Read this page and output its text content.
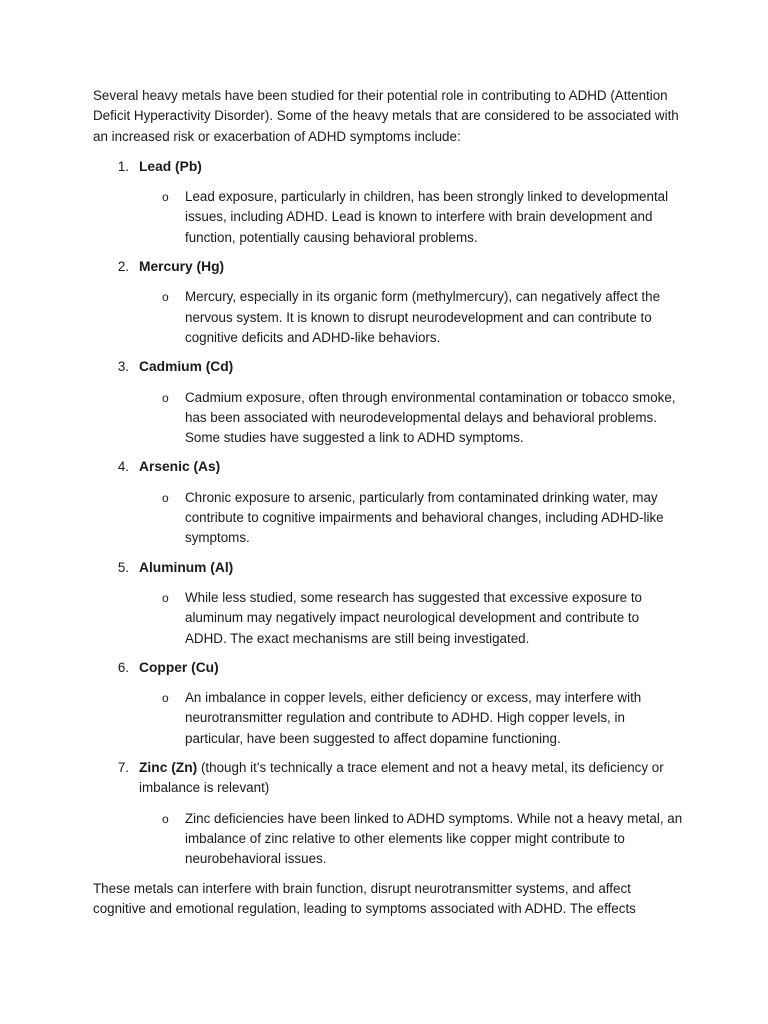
Several heavy metals have been studied for their potential role in contributing to ADHD (Attention Deficit Hyperactivity Disorder). Some of the heavy metals that are considered to be associated with an increased risk or exacerbation of ADHD symptoms include:

1. Lead (Pb)
o Lead exposure, particularly in children, has been strongly linked to developmental issues, including ADHD. Lead is known to interfere with brain development and function, potentially causing behavioral problems.
2. Mercury (Hg)
o Mercury, especially in its organic form (methylmercury), can negatively affect the nervous system. It is known to disrupt neurodevelopment and can contribute to cognitive deficits and ADHD-like behaviors.
3. Cadmium (Cd)
o Cadmium exposure, often through environmental contamination or tobacco smoke, has been associated with neurodevelopmental delays and behavioral problems. Some studies have suggested a link to ADHD symptoms.
4. Arsenic (As)
o Chronic exposure to arsenic, particularly from contaminated drinking water, may contribute to cognitive impairments and behavioral changes, including ADHD-like symptoms.
5. Aluminum (Al)
o While less studied, some research has suggested that excessive exposure to aluminum may negatively impact neurological development and contribute to ADHD. The exact mechanisms are still being investigated.
6. Copper (Cu)
o An imbalance in copper levels, either deficiency or excess, may interfere with neurotransmitter regulation and contribute to ADHD. High copper levels, in particular, have been suggested to affect dopamine functioning.
7. Zinc (Zn) (though it’s technically a trace element and not a heavy metal, its deficiency or imbalance is relevant)
o Zinc deficiencies have been linked to ADHD symptoms. While not a heavy metal, an imbalance of zinc relative to other elements like copper might contribute to neurobehavioral issues.

These metals can interfere with brain function, disrupt neurotransmitter systems, and affect cognitive and emotional regulation, leading to symptoms associated with ADHD. The effects
